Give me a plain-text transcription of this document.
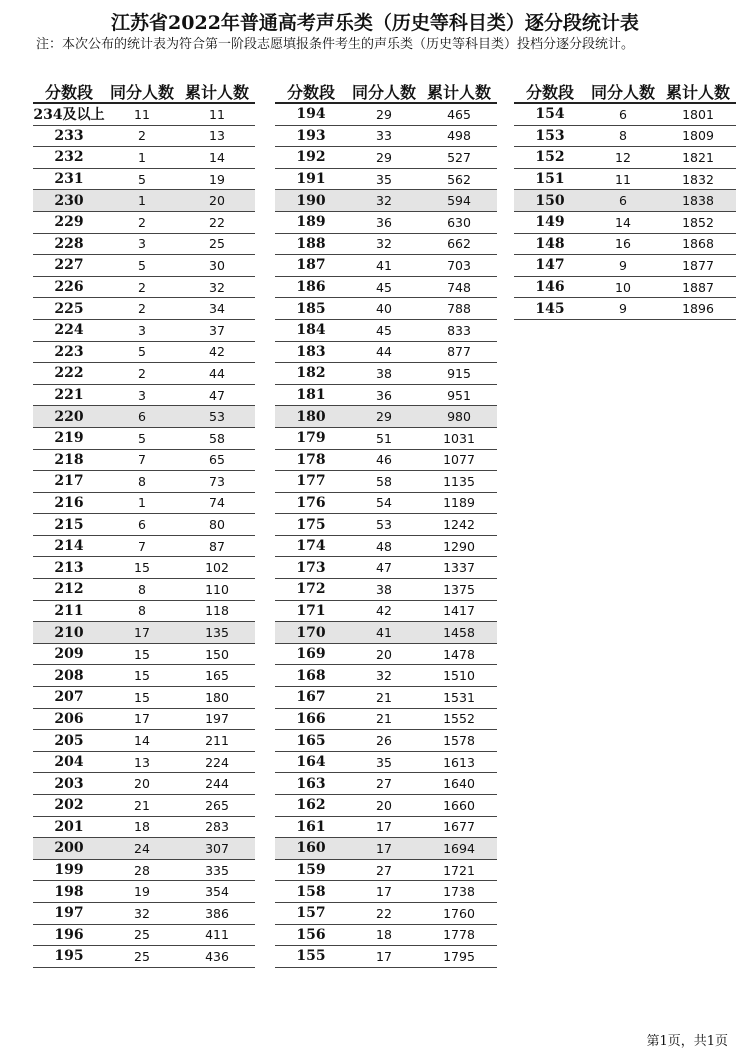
江苏省2022年普通高考声乐类（历史等科目类）逐分段统计表
注：本次公布的统计表为符合第一阶段志愿填报条件考生的声乐类（历史等科目类）投档分逐分段统计。
分数段	同分人数 累计人数
234及以上	11	11
233	2	13
232	1	14
231	5	19
230	1	20
229	2	22
228	3	25
227	5	30
226	2	32
225	2	34
224	3	37
223	5	42
222	2	44
221	3	47
220	6	53
219	5	58
218	7	65
217	8	73
216	1	74
215	6	80
214	7	87
213	15	102
212	8	110
211	8	118
210	17	135
209	15	150
208	15	165
207	15	180
206	17	197
205	14	211
204	13	224
203	20	244
202	21	265
201	18	283
200	24	307
199	28	335
198	19	354
197	32	386
196	25	411
195	25	436
分数段	同分人数 累计人数
194	29	465
193	33	498
192	29	527
191	35	562
190	32	594
189	36	630
188	32	662
187	41	703
186	45	748
185	40	788
184	45	833
183	44	877
182	38	915
181	36	951
180	29	980
179	51	1031
178	46	1077
177	58	1135
176	54	1189
175	53	1242
174	48	1290
173	47	1337
172	38	1375
171	42	1417
170	41	1458
169	20	1478
168	32	1510
167	21	1531
166	21	1552
165	26	1578
164	35	1613
163	27	1640
162	20	1660
161	17	1677
160	17	1694
159	27	1721
158	17	1738
157	22	1760
156	18	1778
155	17	1795
分数段	同分人数 累计人数
154	6	1801
153	8	1809
152	12	1821
151	11	1832
150	6	1838
149	14	1852
148	16	1868
147	9	1877
146	10	1887
145	9	1896
第1页，共1页
